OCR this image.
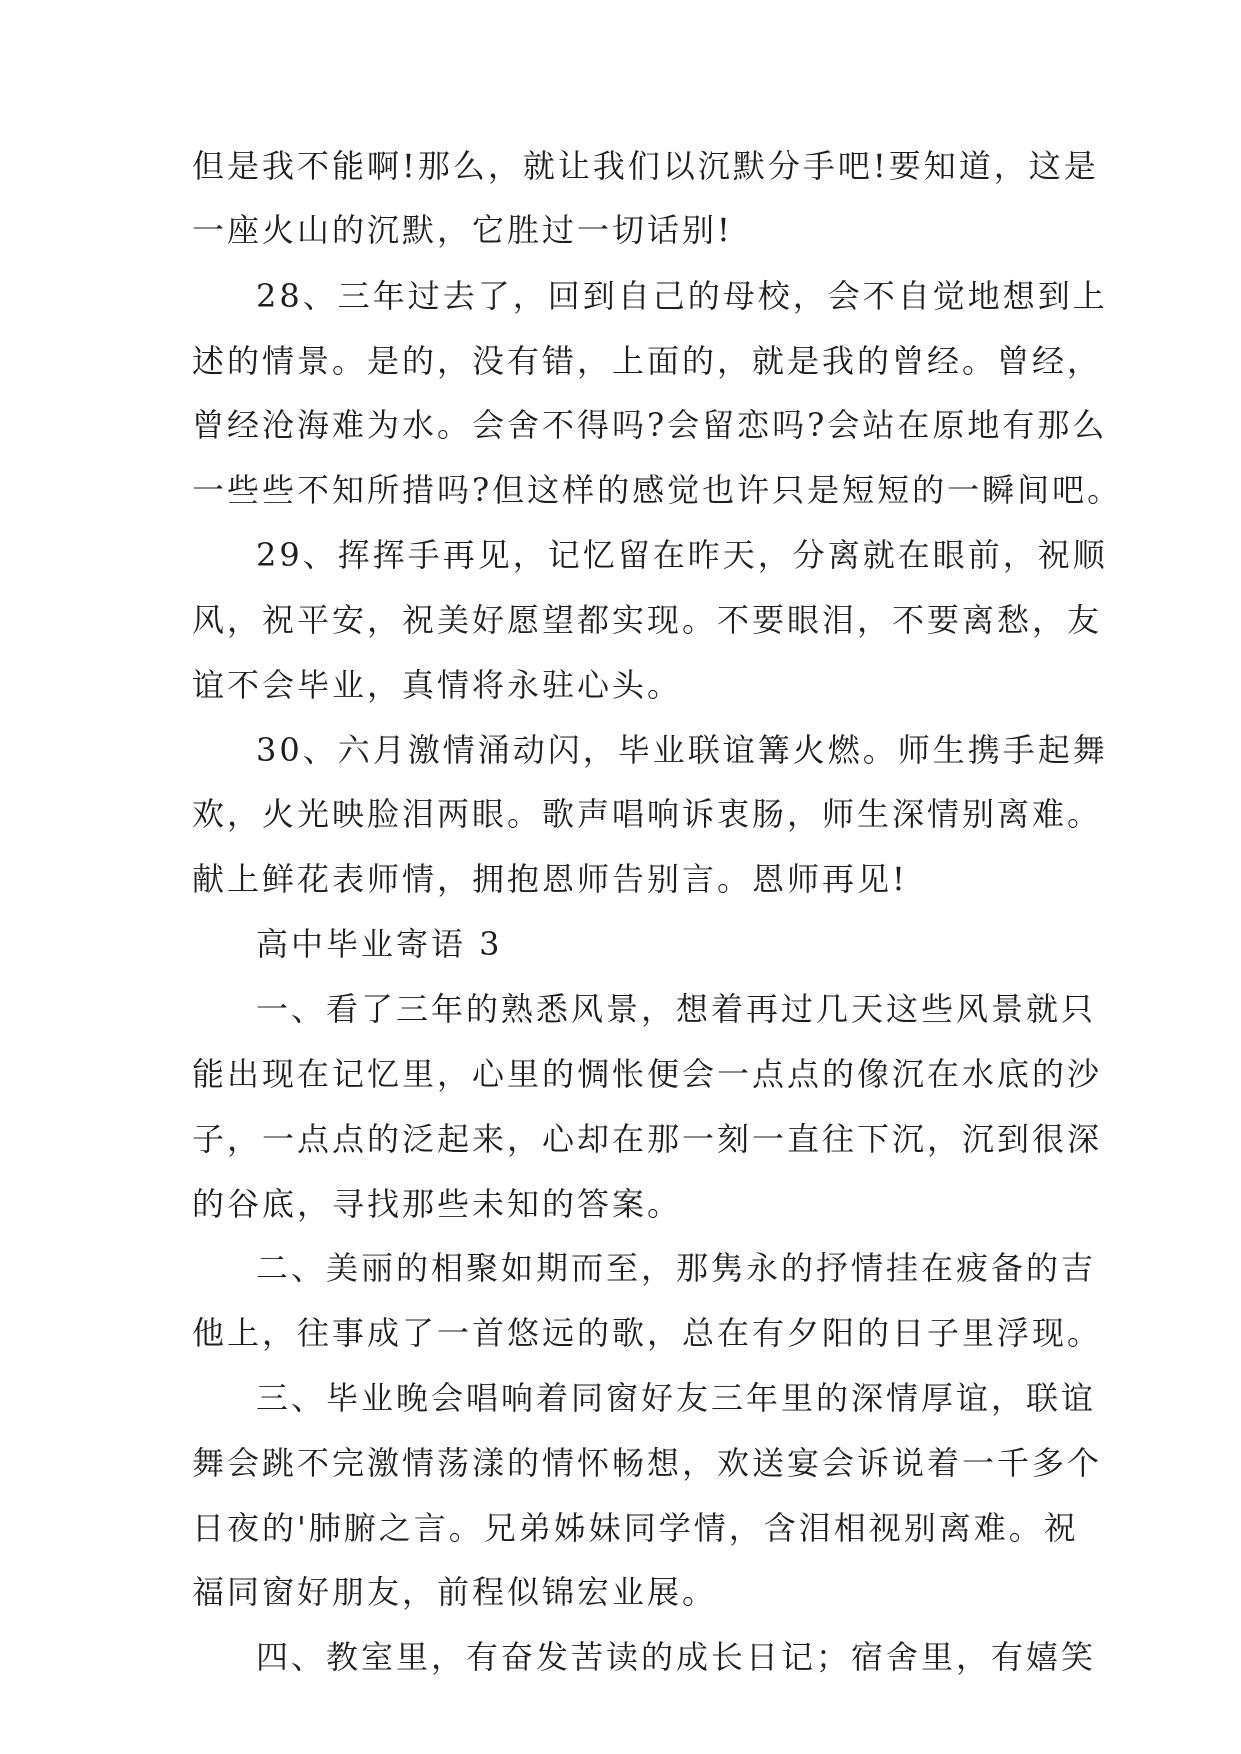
但是我不能啊!那么，就让我们以沉默分手吧!要知道，这是
一座火山的沉默，它胜过一切话别!
28、三年过去了，回到自己的母校，会不自觉地想到上
述的情景。是的，没有错，上面的，就是我的曾经。曾经，
曾经沧海难为水。会舍不得吗?会留恋吗?会站在原地有那么
一些些不知所措吗?但这样的感觉也许只是短短的一瞬间吧。
29、挥挥手再见，记忆留在昨天，分离就在眼前，祝顺
风，祝平安，祝美好愿望都实现。不要眼泪，不要离愁，友
谊不会毕业，真情将永驻心头。
30、六月激情涌动闪，毕业联谊篝火燃。师生携手起舞
欢，火光映脸泪两眼。歌声唱响诉衷肠，师生深情别离难。
献上鲜花表师情，拥抱恩师告别言。恩师再见!
高中毕业寄语 3
一、看了三年的熟悉风景，想着再过几天这些风景就只
能出现在记忆里，心里的惆怅便会一点点的像沉在水底的沙
子，一点点的泛起来，心却在那一刻一直往下沉，沉到很深
的谷底，寻找那些未知的答案。
二、美丽的相聚如期而至，那隽永的抒情挂在疲备的吉
他上，往事成了一首悠远的歌，总在有夕阳的日子里浮现。
三、毕业晚会唱响着同窗好友三年里的深情厚谊，联谊
舞会跳不完激情荡漾的情怀畅想，欢送宴会诉说着一千多个
日夜的'肺腑之言。兄弟姊妹同学情，含泪相视别离难。祝
福同窗好朋友，前程似锦宏业展。
四、教室里，有奋发苦读的成长日记；宿舍里，有嬉笑
